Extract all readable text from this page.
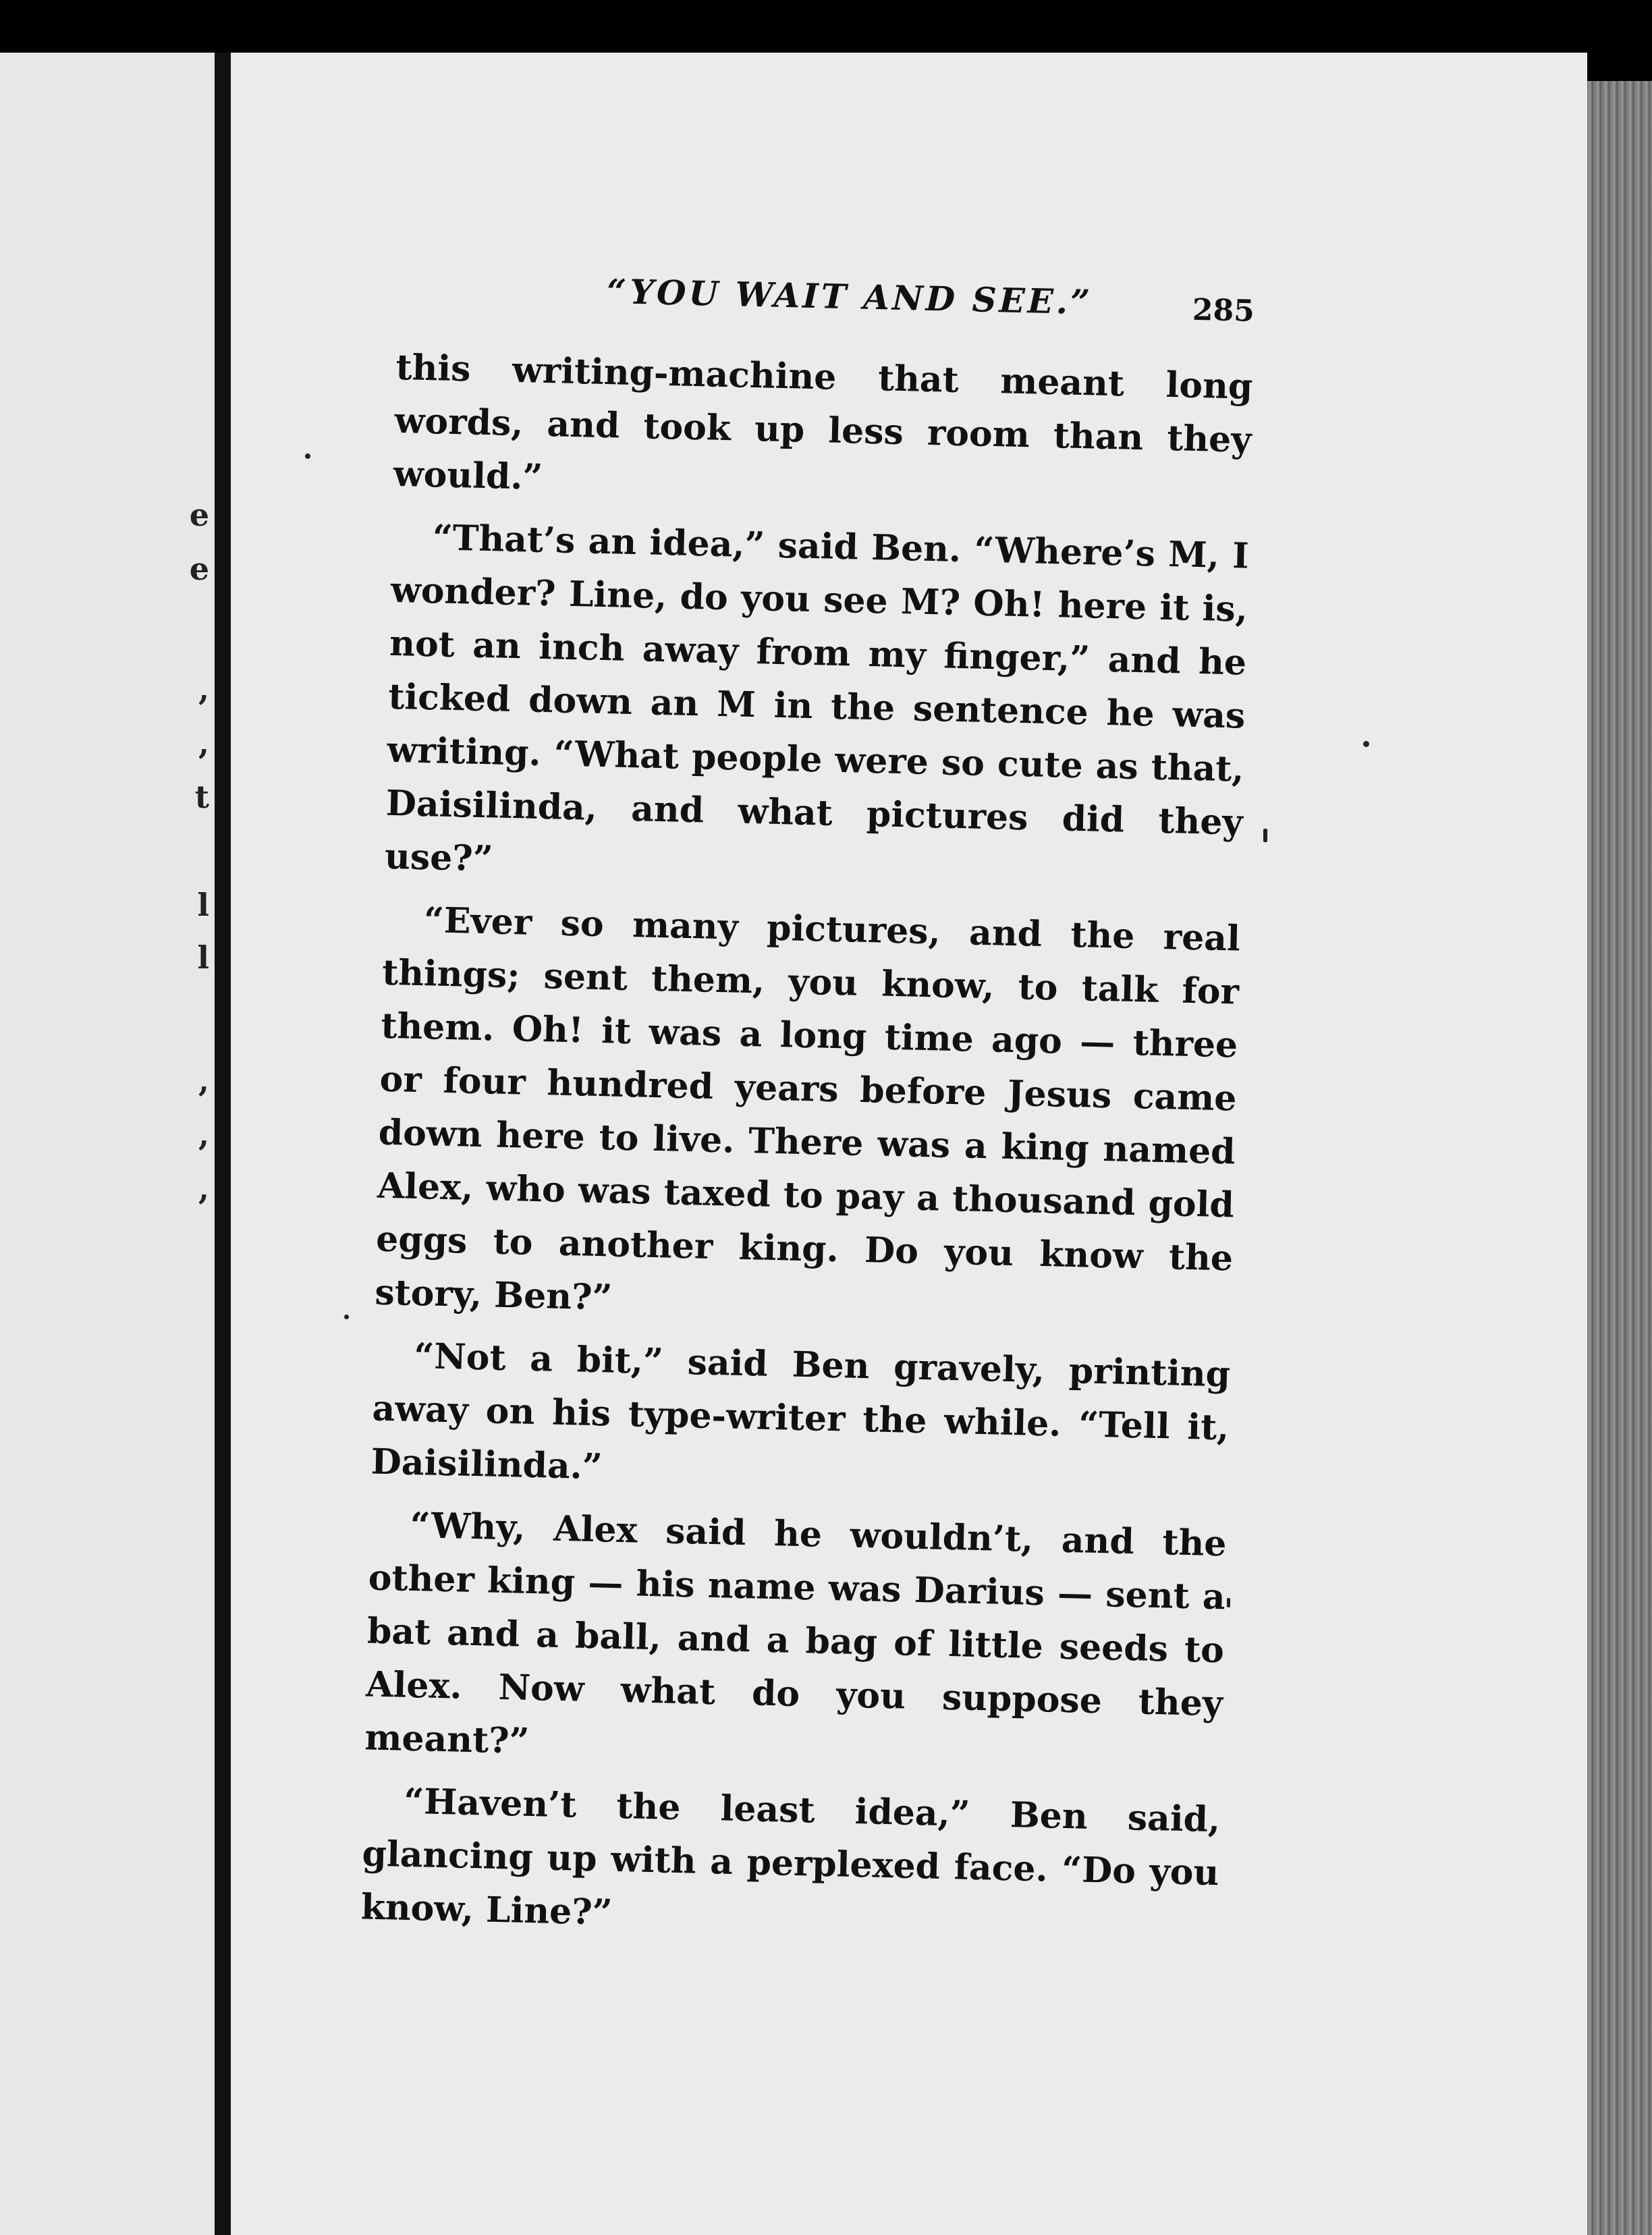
e
e
,
,
t
l
l
,
,
,
“YOU WAIT AND SEE.”	285

this writing-machine that meant long words, and took up less room than they would.”

“That’s an idea,” said Ben. “Where’s M, I wonder? Line, do you see M? Oh! here it is, not an inch away from my finger,” and he ticked down an M in the sentence he was writing. “What people were so cute as that, Daisilinda, and what pictures did they use?”

“Ever so many pictures, and the real things; sent them, you know, to talk for them. Oh! it was a long time ago — three or four hundred years before Jesus came down here to live. There was a king named Alex, who was taxed to pay a thousand gold eggs to another king. Do you know the story, Ben?”

“Not a bit,” said Ben gravely, printing away on his type-writer the while. “Tell it, Daisilinda.”

“Why, Alex said he wouldn’t, and the other king — his name was Darius — sent a bat and a ball, and a bag of little seeds to Alex. Now what do you suppose they meant?”

“Haven’t the least idea,” Ben said, glancing up with a perplexed face. “Do you know, Line?”
